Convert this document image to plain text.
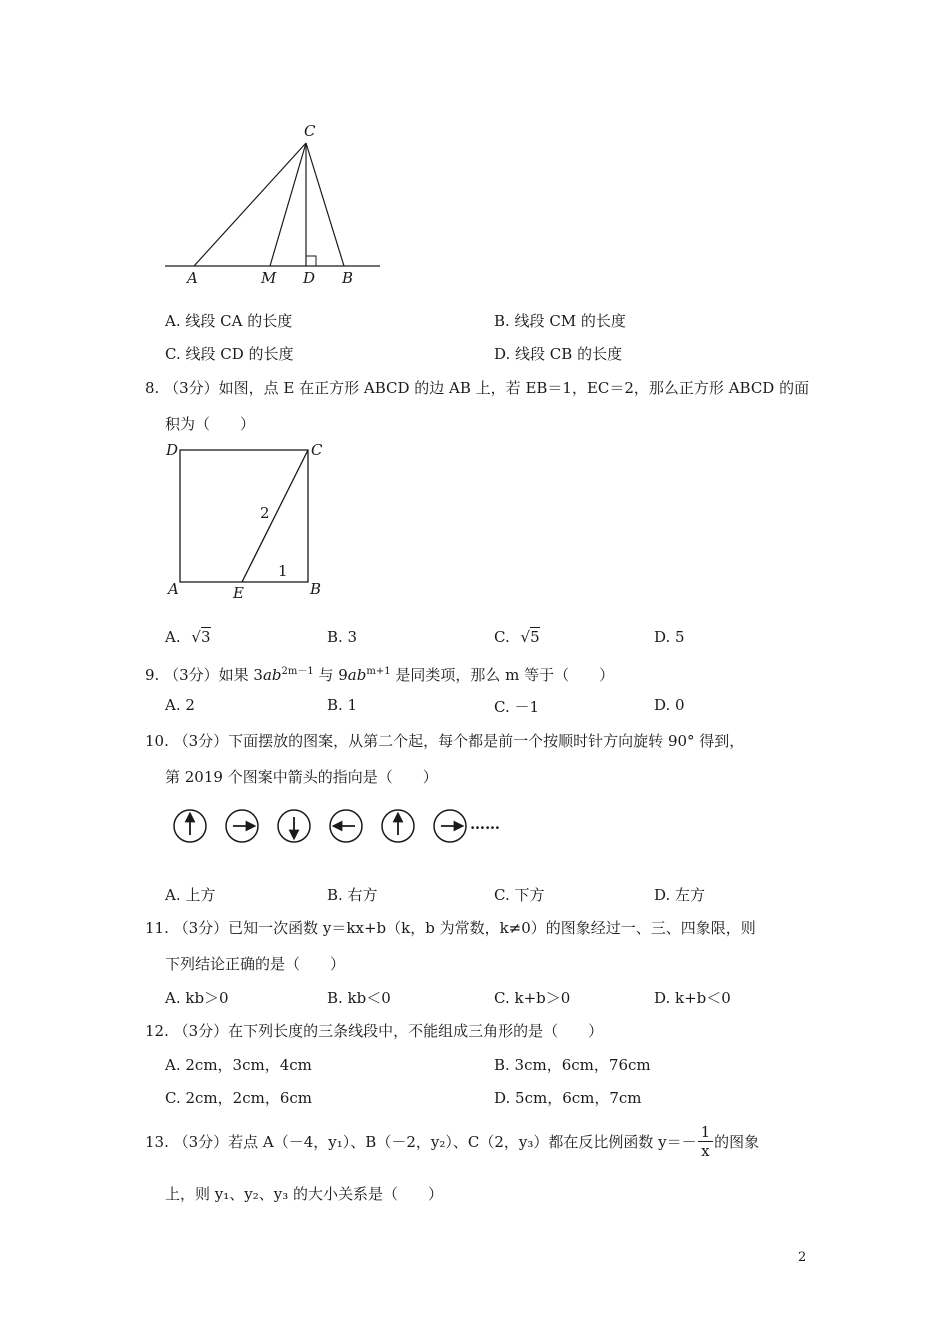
C
A	M D B
A. 线段 CA 的长度	B. 线段 CM 的长度
C. 线段 CD 的长度	D. 线段 CB 的长度
8. （3分）如图，点 E 在正方形 ABCD 的边 AB 上，若 EB＝1，EC＝2，那么正方形 ABCD 的面
积为（　　）
D	C
A	E	B
2
1
A. √3	B. 3	C. √5	D. 5
9. （3分）如果 $3ab^{2m-1}$ 与 $9ab^{m+1}$ 是同类项，那么 m 等于（　　）
A. 2	B. 1	C. －1	D. 0
10. （3分）下面摆放的图案，从第二个起，每个都是前一个按顺时针方向旋转 90° 得到，
第 2019 个图案中箭头的指向是（　　）
……
A. 上方	B. 右方	C. 下方	D. 左方
11. （3分）已知一次函数 y＝kx+b（k，b 为常数，k≠0）的图象经过一、三、四象限，则
下列结论正确的是（　　）
A. kb＞0	B. kb＜0	C. k+b＞0	D. k+b＜0
12. （3分）在下列长度的三条线段中，不能组成三角形的是（　　）
A. 2cm，3cm，4cm	B. 3cm，6cm，76cm
C. 2cm，2cm，6cm	D. 5cm，6cm，7cm
13. （3分）若点 A（－4，y₁）、B（－2，y₂）、C（2，y₃）都在反比例函数 $y=- \frac{1}{x}$ 的图象
上，则 y₁、y₂、y₃ 的大小关系是（　　）
2
